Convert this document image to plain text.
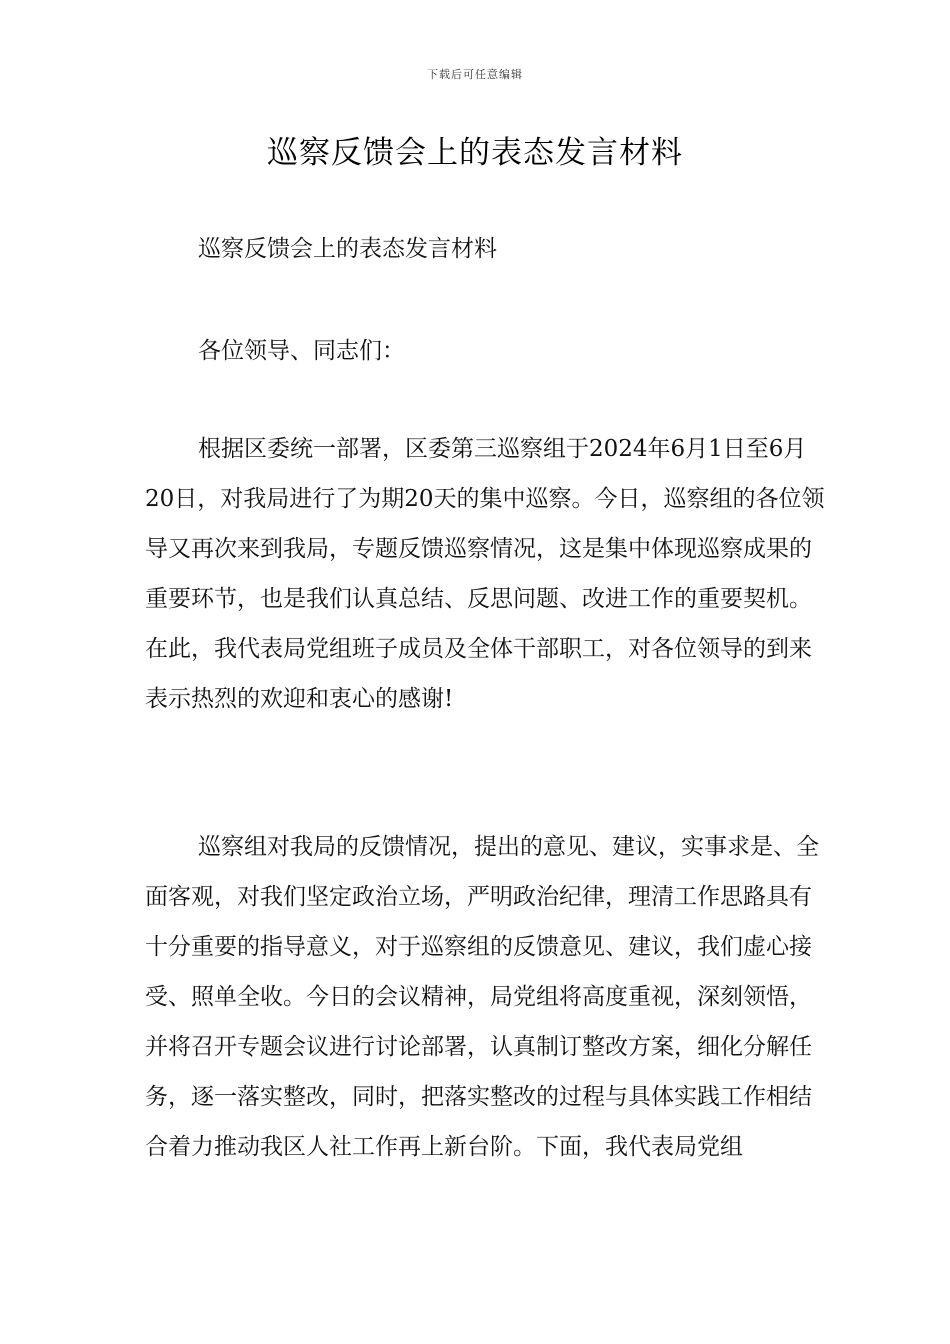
下载后可任意编辑
巡察反馈会上的表态发言材料

巡察反馈会上的表态发言材料

各位领导、同志们：

根据区委统一部署，区委第三巡察组于2024年6月1日至6月20日，对我局进行了为期20天的集中巡察。今日，巡察组的各位领导又再次来到我局，专题反馈巡察情况，这是集中体现巡察成果的重要环节，也是我们认真总结、反思问题、改进工作的重要契机。在此，我代表局党组班子成员及全体干部职工，对各位领导的到来表示热烈的欢迎和衷心的感谢!

巡察组对我局的反馈情况，提出的意见、建议，实事求是、全面客观，对我们坚定政治立场，严明政治纪律，理清工作思路具有十分重要的指导意义，对于巡察组的反馈意见、建议，我们虚心接受、照单全收。今日的会议精神，局党组将高度重视，深刻领悟，并将召开专题会议进行讨论部署，认真制订整改方案，细化分解任务，逐一落实整改，同时，把落实整改的过程与具体实践工作相结合着力推动我区人社工作再上新台阶。下面，我代表局党组
